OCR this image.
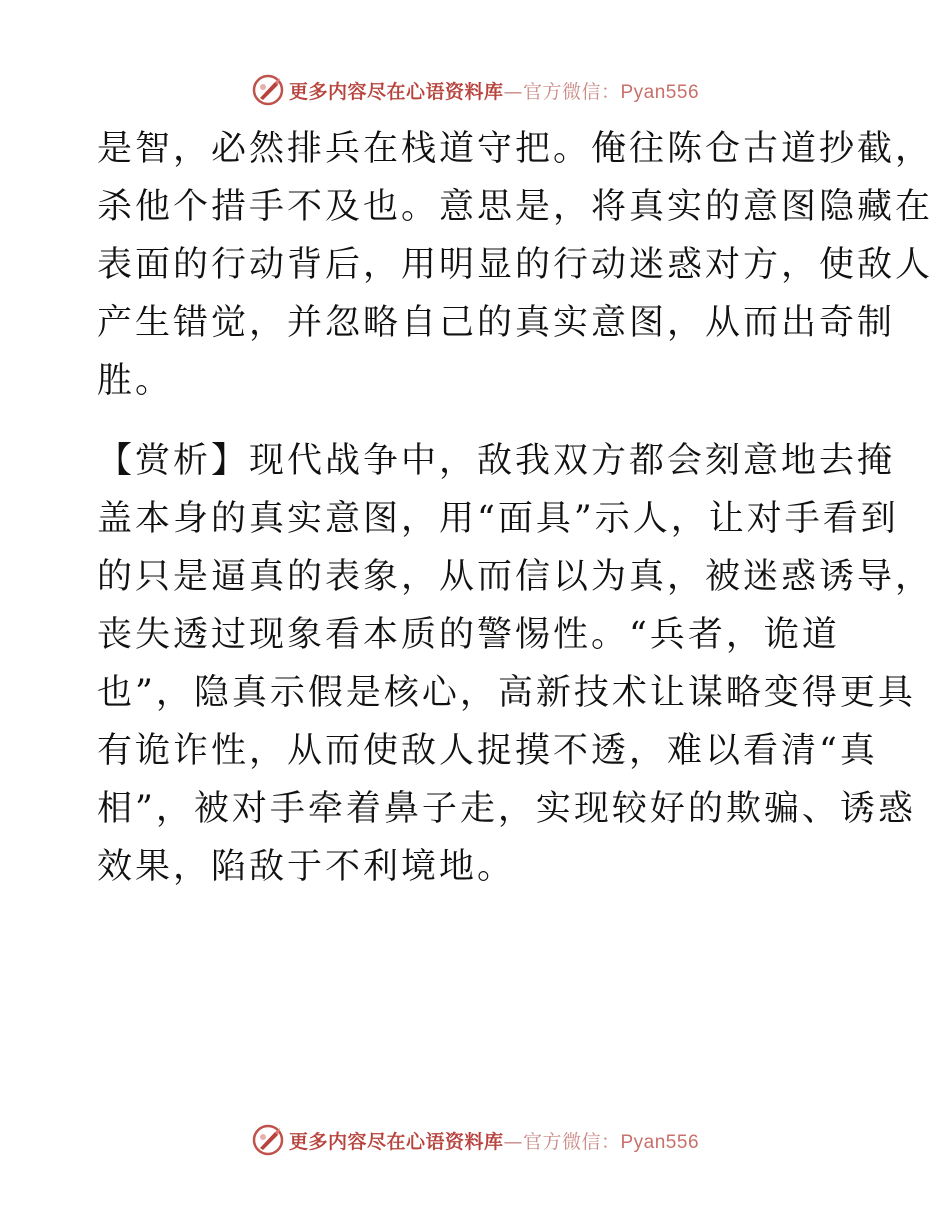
更多内容尽在心语资料库—官方微信：Pyan556
是智，必然排兵在栈道守把。俺往陈仓古道抄截，
杀他个措手不及也。意思是，将真实的意图隐藏在
表面的行动背后，用明显的行动迷惑对方，使敌人
产生错觉，并忽略自己的真实意图，从而出奇制
胜。
【赏析】现代战争中，敌我双方都会刻意地去掩
盖本身的真实意图，用“面具”示人，让对手看到
的只是逼真的表象，从而信以为真，被迷惑诱导，
丧失透过现象看本质的警惕性。“兵者，诡道
也”，隐真示假是核心，高新技术让谋略变得更具
有诡诈性，从而使敌人捉摸不透，难以看清“真
相”，被对手牵着鼻子走，实现较好的欺骗、诱惑
效果，陷敌于不利境地。
更多内容尽在心语资料库—官方微信：Pyan556
